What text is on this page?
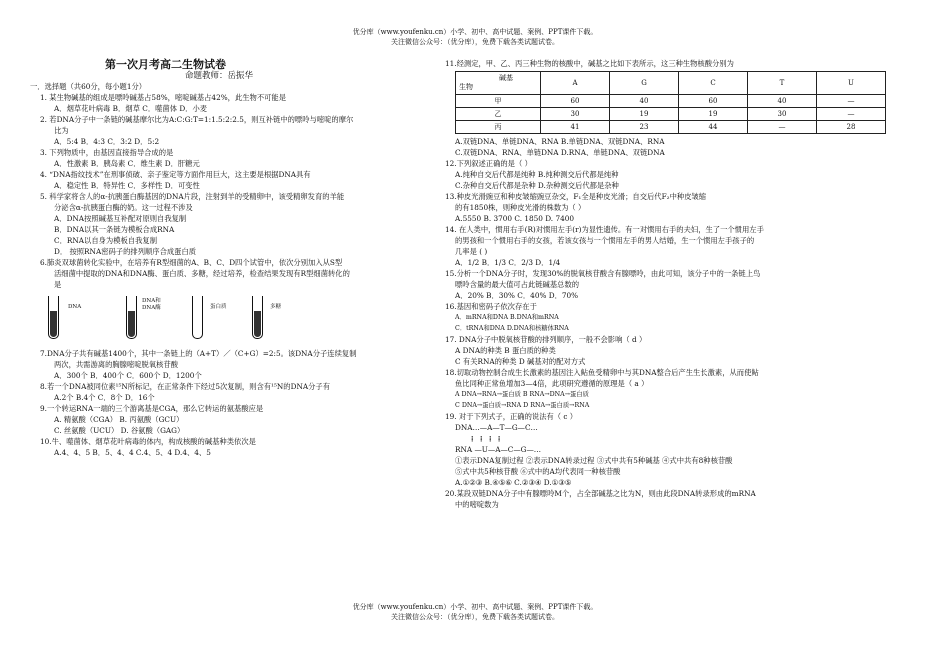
优分库（www.youfenku.cn）小学、初中、高中试题、案例、PPT课件下载。
关注微信公众号：（优分库），免费下载各类试题试卷。
第一次月考高二生物试卷
命题教师：岳振华

一．选择题（共60分，每小题1分）

1. 某生物碱基的组成是嘌呤碱基占58%，嘧啶碱基占42%，此生物不可能是

A．烟草花叶病毒 B．烟草 C．噬菌体 D．小麦

2. 若DNA分子中一条链的碱基摩尔比为A:C:G:T=1:1.5:2:2.5，则互补链中的嘌呤与嘧啶的摩尔

比为

A．5:4 B．4:3 C．3:2 D．5:2

3. 下列物质中，由基因直接指导合成的是

A．性激素 B．胰岛素 C．维生素 D．肝糖元

4. “DNA指纹技术”在刑事侦破、亲子鉴定等方面作用巨大，这主要是根据DNA具有

A．稳定性 B．特异性 C．多样性 D．可变性

5. 科学家将含人的α-抗胰蛋白酶基因的DNA片段，注射到羊的受精卵中，该受精卵发育的羊能

分泌含α-抗胰蛋白酶的奶。这一过程不涉及

A．DNA按照碱基互补配对原则自我复制

B．DNA以其一条链为模板合成RNA

C．RNA以自身为模板自我复制

D． 按照RNA密码子的排列顺序合成蛋白质

6.肺炎双球菌转化实验中，在培养有R型细菌的A、B、C、D四个试管中，依次分别加入从S型

活细菌中提取的DNA和DNA酶、蛋白质、多糖，经过培养，检查结果发现有R型细菌转化的

是

DNA
DNA和
DNA酶	蛋白质	多糖

7.DNA分子共有碱基1400个，其中一条链上的（A+T）／（C+G）=2:5。该DNA分子连续复制

两次，共需游离的胸腺嘧啶脱氧核苷酸

A．300个 B．400个 C．600个 D．1200个

8.若一个DNA被同位素¹⁵N所标记，在正常条件下经过5次复制，则含有¹⁵N的DNA分子有

A.2个 B.4个 C．8个 D．16个

9.一个转运RNA一端的三个游离基是CGA，那么它转运的氨基酸应是

A. 精氨酸（CGA） B. 丙氨酸（GCU）

C. 丝氨酸（UCU） D. 谷氨酸（GAG）

10.牛、噬菌体、烟草花叶病毒的体内，构成核酸的碱基种类依次是

A.4、4、5 B．5、4、4 C.4、5、4 D.4、4、5

11.经测定，甲、乙、丙三种生物的核酸中，碱基之比如下表所示，这三种生物核酸分别为

碱基
生物	A	G	C	T	U
甲	60	40	60	40	—
乙	30	19	19	30	—
丙	41	23	44	—	28

A.双链DNA、单链DNA、RNA B.单链DNA、双链DNA、RNA

C.双链DNA、RNA、单链DNA D.RNA、单链DNA、双链DNA

12.下列叙述正确的是（ ）

A.纯种自交后代都是纯种 B.纯种测交后代都是纯种

C.杂种自交后代都是杂种 D.杂种测交后代都是杂种

13.种皮光滑豌豆和种皮皱缩豌豆杂交，F₁全是种皮光滑；自交后代F₂中种皮皱缩

的有1850株，则种皮光滑的株数为（ ）

A.5550 B. 3700 C. 1850 D. 7400

14. 在人类中，惯用右手(R)对惯用左手(r)为显性遗传。有一对惯用右手的夫妇，生了一个惯用左手

的男孩和一个惯用右手的女孩，若该女孩与一个惯用左手的男人结婚，生一个惯用左手孩子的

几率是 ( )

A．1/2 B．1/3 C．2/3 D．1/4

15.分析一个DNA分子时，发现30%的脱氧核苷酸含有腺嘌呤，由此可知，该分子中的一条链上鸟

嘌呤含量的最大值可占此链碱基总数的

A．20% B．30% C．40% D．70%

16.基因和密码子依次存在于

A．mRNA和DNA B.DNA和mRNA

C．tRNA和DNA D.DNA和核糖体RNA

17. DNA分子中脱氧核苷酸的排列顺序，一般不会影响（ d ）

A DNA的种类 B 蛋白质的种类

C 有关RNA的种类 D 碱基对的配对方式

18.切取动物控制合成生长激素的基因注入鲇鱼受精卵中与其DNA整合后产生生长激素，从而使鲇

鱼比同种正常鱼增加3—4倍，此项研究遵循的原理是（ a ）

A DNA→RNA→蛋白质 B RNA→DNA→蛋白质

C DNA→蛋白质→RNA D RNA→蛋白质→RNA

19. 对于下列式子，正确的说法有（ c ）

DNA…—A—T—G—C…

⁞ ⁞ ⁞ ⁞

RNA —U—A—C—G—…

①表示DNA复制过程 ②表示DNA转录过程 ③式中共有5种碱基 ④式中共有8种核苷酸

⑤式中共5种核苷酸 ⑥式中的A均代表同一种核苷酸

A.①②③ B.④⑤⑥ C.②③④ D.①③⑤

20.某段双链DNA分子中有腺嘌呤M个，占全部碱基之比为N，则由此段DNA转录形成的mRNA

中的嘧啶数为

优分库（www.youfenku.cn）小学、初中、高中试题、案例、PPT课件下载。
关注微信公众号：（优分库），免费下载各类试题试卷。
